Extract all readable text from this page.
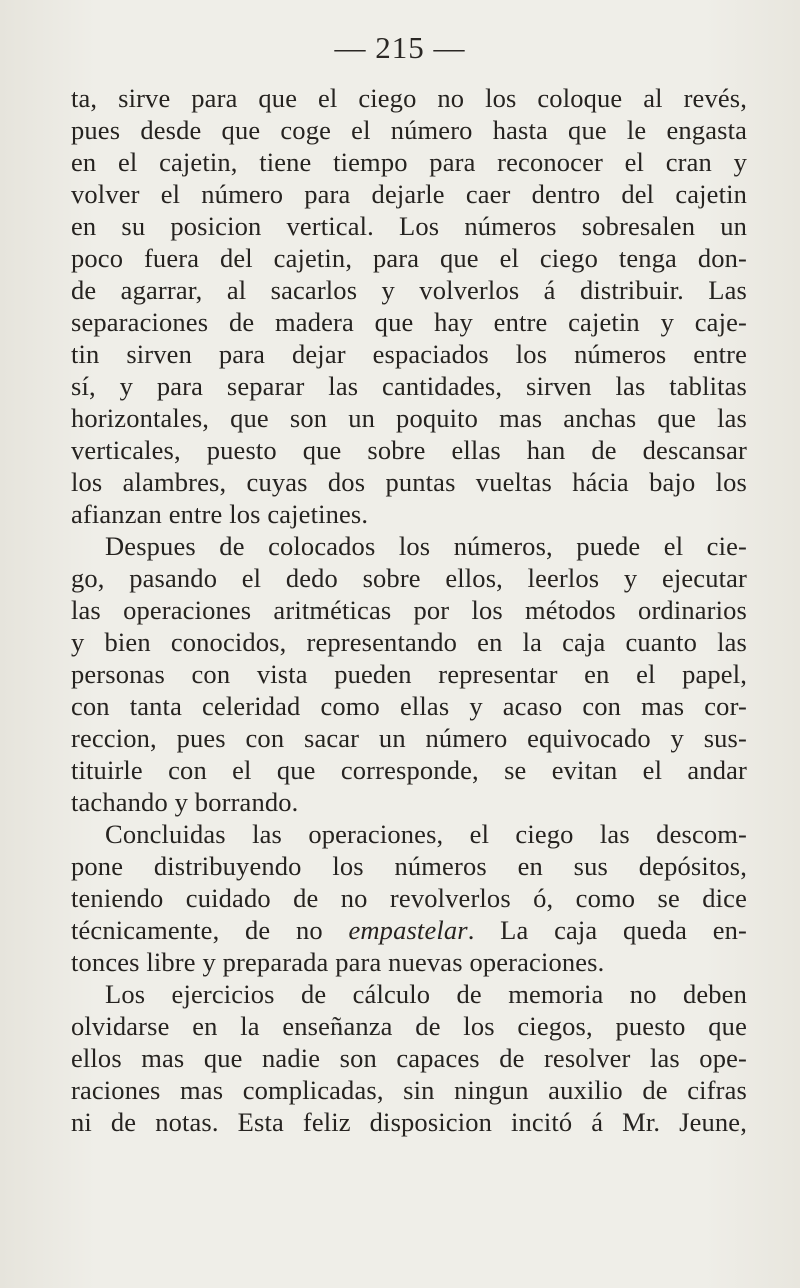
— 215 —
ta, sirve para que el ciego no los coloque al revés,
pues desde que coge el número hasta que le engasta
en el cajetin, tiene tiempo para reconocer el cran y
volver el número para dejarle caer dentro del cajetin
en su posicion vertical. Los números sobresalen un
poco fuera del cajetin, para que el ciego tenga don-
de agarrar, al sacarlos y volverlos á distribuir. Las
separaciones de madera que hay entre cajetin y caje-
tin sirven para dejar espaciados los números entre
sí, y para separar las cantidades, sirven las tablitas
horizontales, que son un poquito mas anchas que las
verticales, puesto que sobre ellas han de descansar
los alambres, cuyas dos puntas vueltas hácia bajo los
afianzan entre los cajetines.
Despues de colocados los números, puede el cie-
go, pasando el dedo sobre ellos, leerlos y ejecutar
las operaciones aritméticas por los métodos ordinarios
y bien conocidos, representando en la caja cuanto las
personas con vista pueden representar en el papel,
con tanta celeridad como ellas y acaso con mas cor-
reccion, pues con sacar un número equivocado y sus-
tituirle con el que corresponde, se evitan el andar
tachando y borrando.
Concluidas las operaciones, el ciego las descom-
pone distribuyendo los números en sus depósitos,
teniendo cuidado de no revolverlos ó, como se dice
técnicamente, de no empastelar. La caja queda en-
tonces libre y preparada para nuevas operaciones.
Los ejercicios de cálculo de memoria no deben
olvidarse en la enseñanza de los ciegos, puesto que
ellos mas que nadie son capaces de resolver las ope-
raciones mas complicadas, sin ningun auxilio de cifras
ni de notas. Esta feliz disposicion incitó á Mr. Jeune,
